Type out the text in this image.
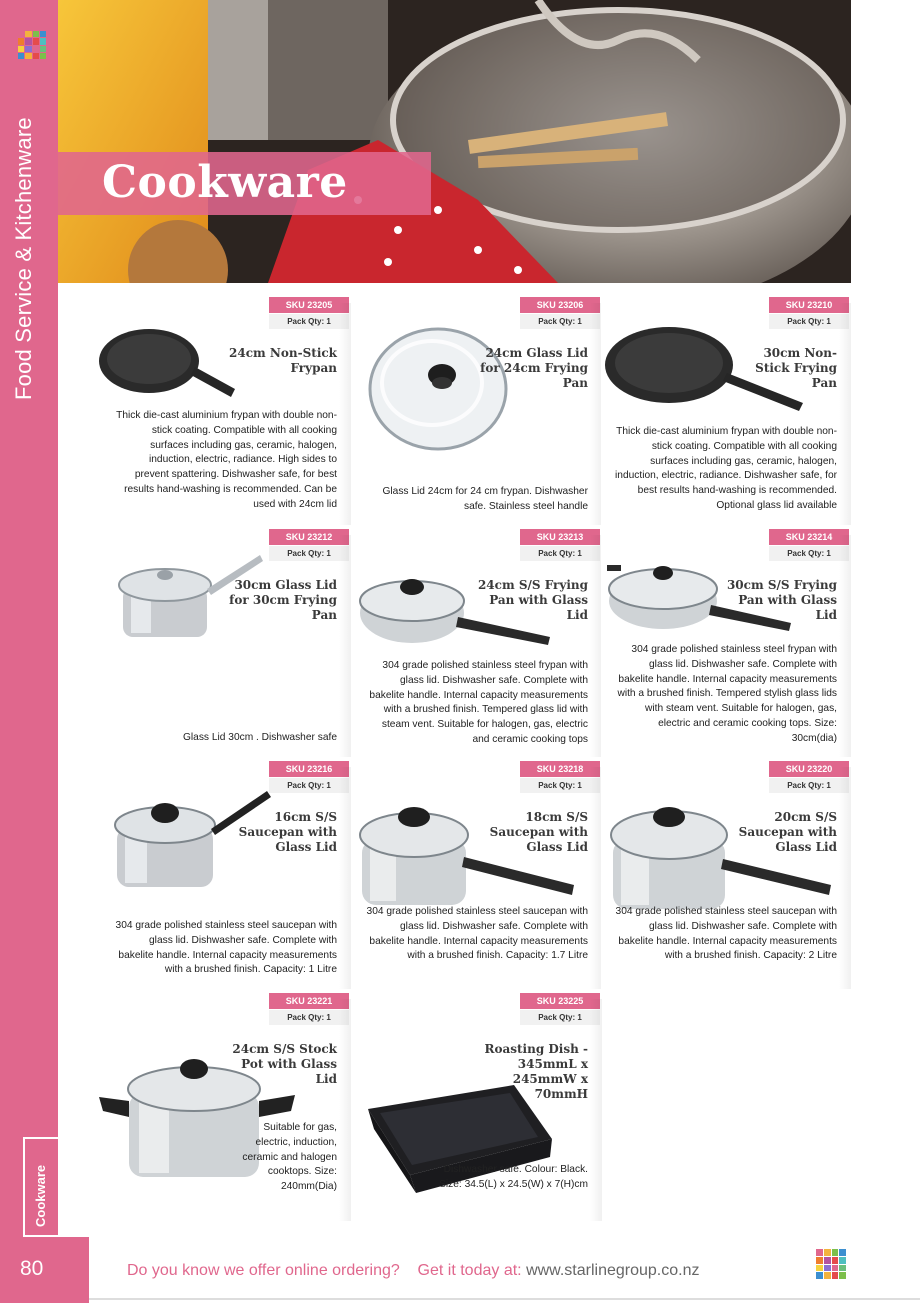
Food Service & Kitchenware
Cookware
80
Cookware
SKU 23205
Pack Qty: 1
24cm Non-Stick Frypan
Thick die-cast aluminium frypan with double non-stick coating. Compatible with all cooking surfaces including gas, ceramic, halogen, induction, electric, radiance. High sides to prevent spattering. Dishwasher safe, for best results hand-washing is recommended. Can be used with 24cm lid
SKU 23206
Pack Qty: 1
24cm Glass Lid for 24cm Frying Pan
Glass Lid 24cm for 24 cm frypan. Dishwasher safe. Stainless steel handle
SKU 23210
Pack Qty: 1
30cm Non-Stick Frying Pan
Thick die-cast aluminium frypan with double non-stick coating. Compatible with all cooking surfaces including gas, ceramic, halogen, induction, electric, radiance. Dishwasher safe, for best results hand-washing is recommended. Optional glass lid available
SKU 23212
Pack Qty: 1
30cm Glass Lid for 30cm Frying Pan
Glass Lid 30cm . Dishwasher safe
SKU 23213
Pack Qty: 1
24cm S/S Frying Pan with Glass Lid
304 grade polished stainless steel frypan with glass lid. Dishwasher safe. Complete with bakelite handle. Internal capacity measurements with a brushed finish. Tempered glass lid with steam vent. Suitable for halogen, gas, electric and ceramic cooking tops
SKU 23214
Pack Qty: 1
30cm S/S Frying Pan with Glass Lid
304 grade polished stainless steel frypan with glass lid. Dishwasher safe. Complete with bakelite handle. Internal capacity measurements with a brushed finish. Tempered stylish glass lids with steam vent. Suitable for halogen, gas, electric and ceramic cooking tops. Size: 30cm(dia)
SKU 23216
Pack Qty: 1
16cm S/S Saucepan with Glass Lid
304 grade polished stainless steel saucepan with glass lid. Dishwasher safe. Complete with bakelite handle. Internal capacity measurements with a brushed finish. Capacity: 1 Litre
SKU 23218
Pack Qty: 1
18cm S/S Saucepan with Glass Lid
304 grade polished stainless steel saucepan with glass lid. Dishwasher safe. Complete with bakelite handle. Internal capacity measurements with a brushed finish. Capacity: 1.7 Litre
SKU 23220
Pack Qty: 1
20cm S/S Saucepan with Glass Lid
304 grade polished stainless steel saucepan with glass lid. Dishwasher safe. Complete with bakelite handle. Internal capacity measurements with a brushed finish. Capacity: 2 Litre
SKU 23221
Pack Qty: 1
24cm S/S Stock Pot with Glass Lid
Suitable for gas, electric, induction, ceramic and halogen cooktops. Size: 240mm(Dia)
SKU 23225
Pack Qty: 1
Roasting Dish - 345mmL x 245mmW x 70mmH
Dishwasher safe. Colour: Black. Size: 34.5(L) x 24.5(W) x 7(H)cm
Do you know we offer online ordering? Get it today at: www.starlinegroup.co.nz
